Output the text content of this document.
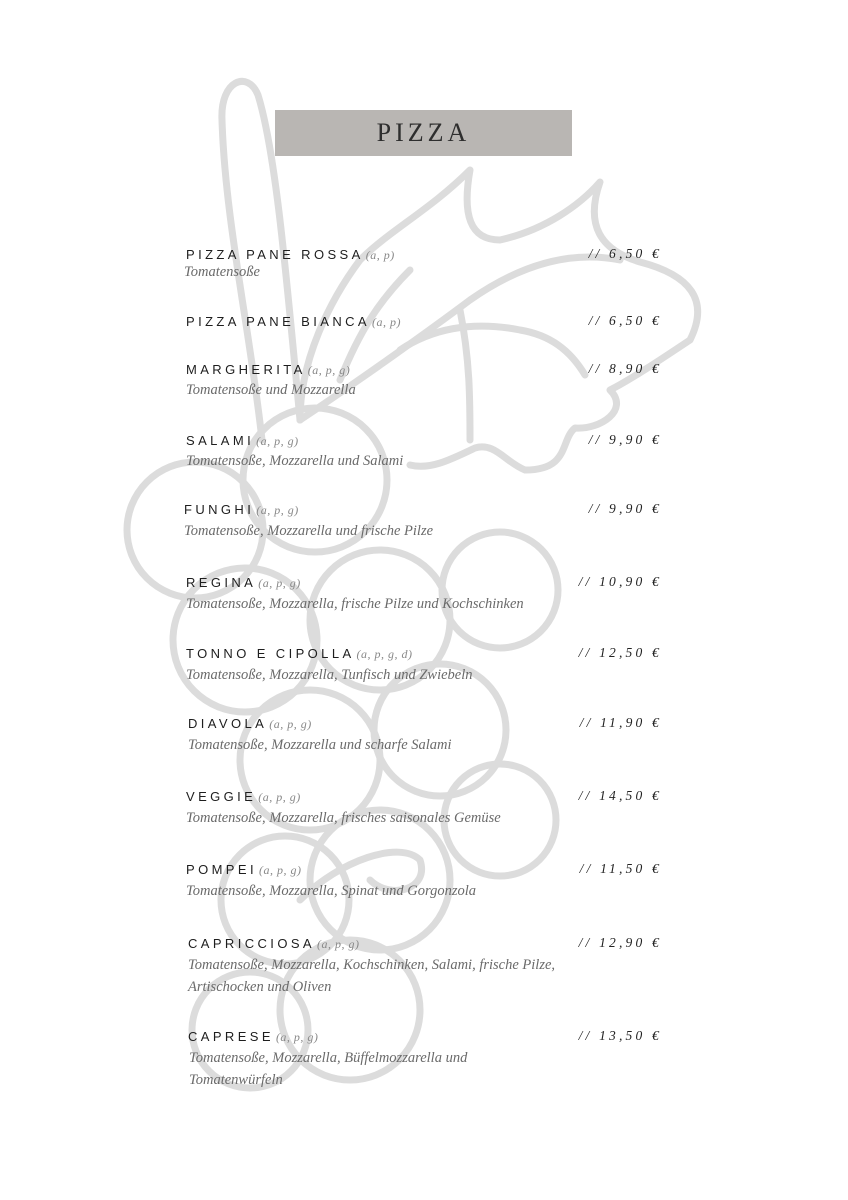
PIZZA
PIZZA PANE ROSSA (a, p)
Tomatensoße
// 6,50 €
PIZZA PANE BIANCA (a, p)	// 6,50 €
MARGHERITA (a, p, g)
Tomatensoße und Mozzarella
// 8,90 €
SALAMI (a, p, g)
Tomatensoße, Mozzarella und Salami
// 9,90 €
FUNGHI (a, p, g)
Tomatensoße, Mozzarella und frische Pilze
// 9,90 €
REGINA (a, p, g)
Tomatensoße, Mozzarella, frische Pilze und Kochschinken
// 10,90 €
TONNO E CIPOLLA (a, p, g, d)
Tomatensoße, Mozzarella, Tunfisch und Zwiebeln
// 12,50 €
DIAVOLA (a, p, g)
Tomatensoße, Mozzarella und scharfe Salami
// 11,90 €
VEGGIE (a, p, g)
Tomatensoße, Mozzarella, frisches saisonales Gemüse
// 14,50 €
POMPEI (a, p, g)
Tomatensoße, Mozzarella, Spinat und Gorgonzola
// 11,50 €
CAPRICCIOSA (a, p, g)
Tomatensoße, Mozzarella, Kochschinken, Salami, frische Pilze, Artischocken und Oliven
// 12,90 €
CAPRESE (a, p, g)
Tomatensoße, Mozzarella, Büffelmozzarella und Tomatenwürfeln
// 13,50 €
